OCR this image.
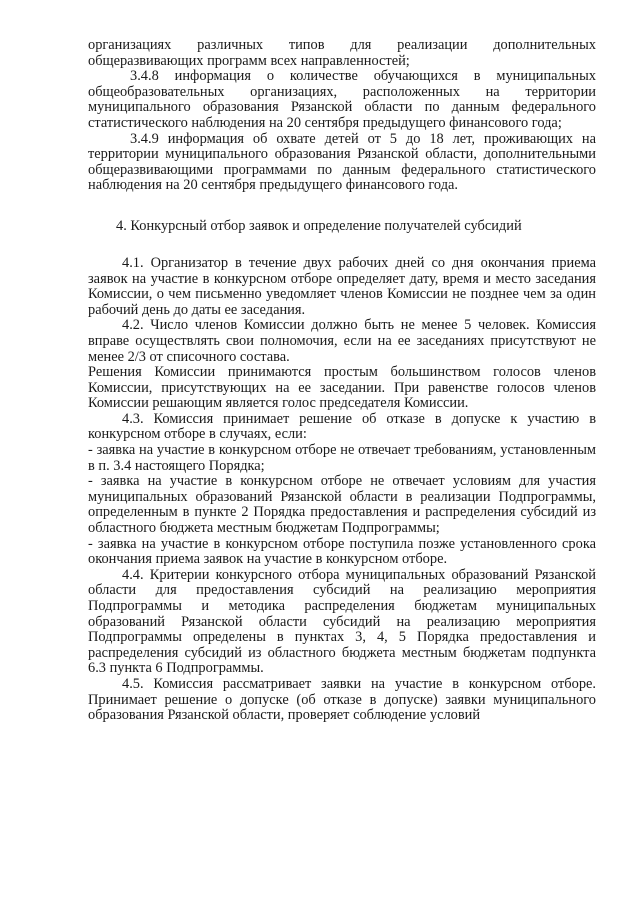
организациях различных типов для реализации дополнительных общеразвивающих программ всех направленностей;

3.4.8 информация о количестве обучающихся в муниципальных общеобразовательных организациях, расположенных на территории муниципального образования Рязанской области по данным федерального статистического наблюдения на 20 сентября предыдущего финансового года;

3.4.9 информация об охвате детей от 5 до 18 лет, проживающих на территории муниципального образования Рязанской области, дополнительными общеразвивающими программами по данным федерального статистического наблюдения на 20 сентября предыдущего финансового года.

4. Конкурсный отбор заявок и определение получателей субсидий

4.1. Организатор в течение двух рабочих дней со дня окончания приема заявок на участие в конкурсном отборе определяет дату, время и место заседания Комиссии, о чем письменно уведомляет членов Комиссии не позднее чем за один рабочий день до даты ее заседания.

4.2. Число членов Комиссии должно быть не менее 5 человек. Комиссия вправе осуществлять свои полномочия, если на ее заседаниях присутствуют не менее 2/3 от списочного состава.

Решения Комиссии принимаются простым большинством голосов членов Комиссии, присутствующих на ее заседании. При равенстве голосов членов Комиссии решающим является голос председателя Комиссии.

4.3. Комиссия принимает решение об отказе в допуске к участию в конкурсном отборе в случаях, если:

- заявка на участие в конкурсном отборе не отвечает требованиям, установленным в п. 3.4 настоящего Порядка;

- заявка на участие в конкурсном отборе не отвечает условиям для участия муниципальных образований Рязанской области в реализации Подпрограммы, определенным в пункте 2 Порядка предоставления и распределения субсидий из областного бюджета местным бюджетам Подпрограммы;

- заявка на участие в конкурсном отборе поступила позже установленного срока окончания приема заявок на участие в конкурсном отборе.

4.4. Критерии конкурсного отбора муниципальных образований Рязанской области для предоставления субсидий на реализацию мероприятия Подпрограммы и методика распределения бюджетам муниципальных образований Рязанской области субсидий на реализацию мероприятия Подпрограммы определены в пунктах 3, 4, 5 Порядка предоставления и распределения субсидий из областного бюджета местным бюджетам подпункта 6.3 пункта 6 Подпрограммы.

4.5. Комиссия рассматривает заявки на участие в конкурсном отборе. Принимает решение о допуске (об отказе в допуске) заявки муниципального образования Рязанской области, проверяет соблюдение условий
